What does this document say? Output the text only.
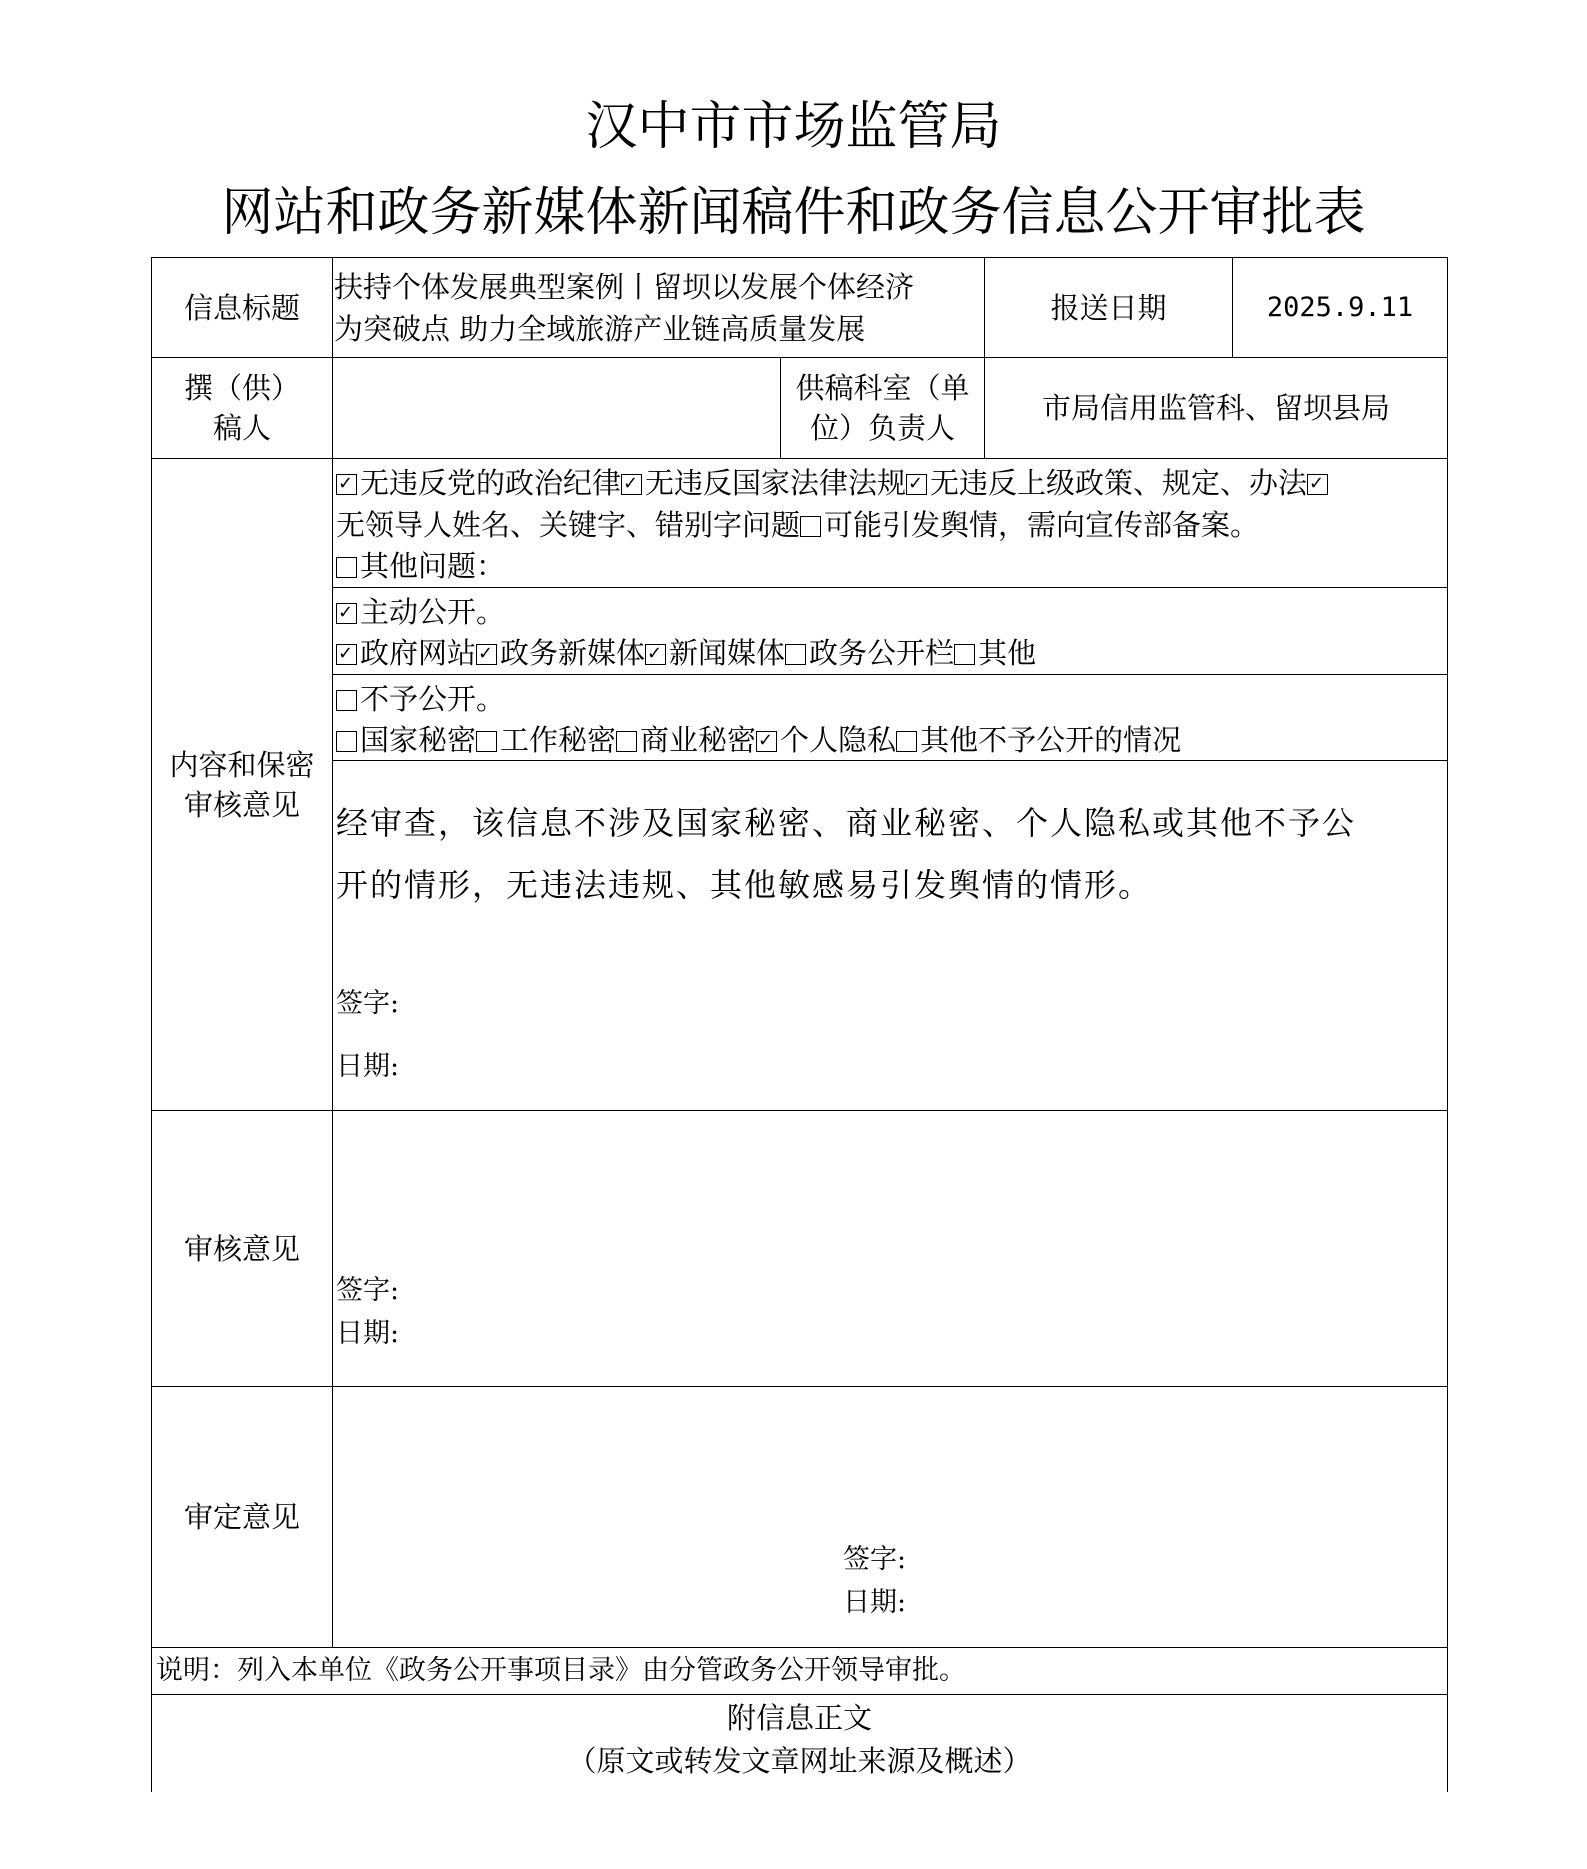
汉中市市场监管局
网站和政务新媒体新闻稿件和政务信息公开审批表
信息标题
扶持个体发展典型案例丨留坝以发展个体经济
为突破点 助力全域旅游产业链高质量发展
报送日期	2025.9.11
撰（供）
稿人
供稿科室（单
位）负责人
市局信用监管科、留坝县局
内容和保密
审核意见
✓无违反党的政治纪律 ✓ 无违反国家法律法规 ✓ 无违反上级政策、规定、办法✓
无领导人姓名、关键字、错别字问题 可能引发舆情，需向宣传部备案。
其他问题：
✓主动公开。
✓政府网站 ✓ 政务新媒体 ✓ 新闻媒体 政务公开栏 其他
不予公开。
国家秘密 工作秘密 商业秘密 ✓ 个人隐私 其他不予公开的情况
经审查，该信息不涉及国家秘密、商业秘密、个人隐私或其他不予公
开的情形，无违法违规、其他敏感易引发舆情的情形。
签字:
日期:
审核意见
签字:
日期:
审定意见
签字:
日期:
说明：列入本单位《政务公开事项目录》由分管政务公开领导审批。
附信息正文
（原文或转发文章网址来源及概述）
